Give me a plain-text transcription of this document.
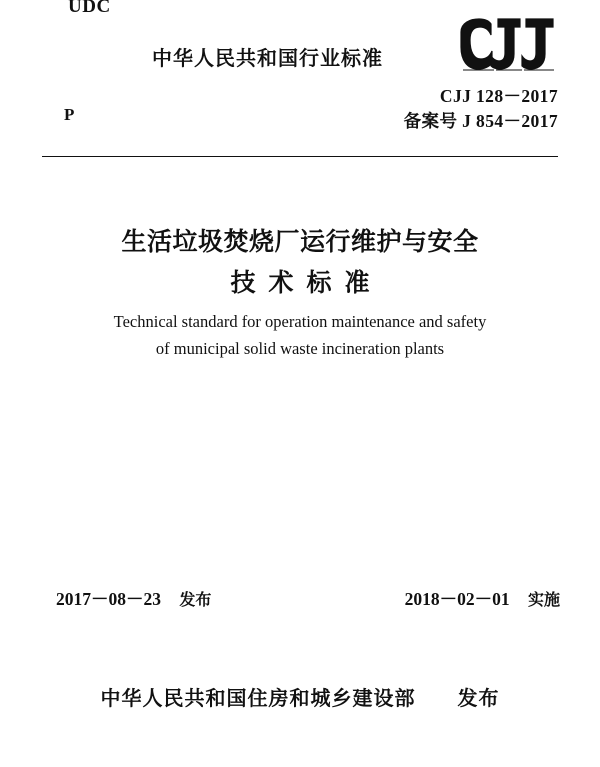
UDC
中华人民共和国行业标准
P
CJJ 128－2017
备案号 J 854－2017
生活垃圾焚烧厂运行维护与安全
技术标准
Technical standard for operation maintenance and safety
of municipal solid waste incineration plants
2017－08－23 发布	2018－02－01 实施
中华人民共和国住房和城乡建设部 发布
